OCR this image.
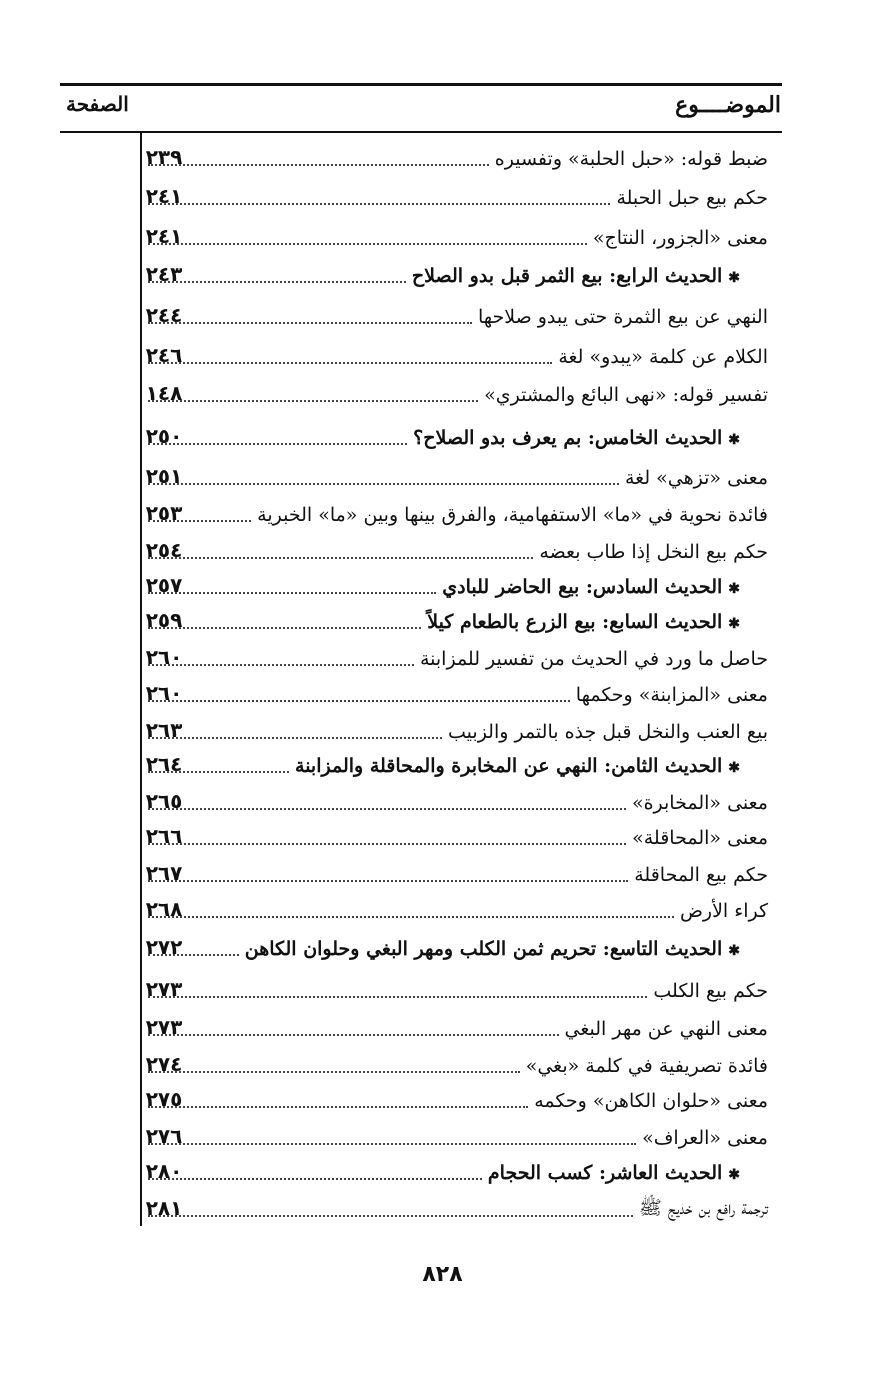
الموضــــوع
الصفحة
٢٣٩	ضبط قوله: «حبل الحلبة» وتفسيره
٢٤١	حكم بيع حبل الحبلة
٢٤١	معنى «الجزور، النتاج»
٢٤٣	✱الحديث الرابع: بيع الثمر قبل بدو الصلاح
٢٤٤	النهي عن بيع الثمرة حتى يبدو صلاحها
٢٤٦	الكلام عن كلمة «يبدو» لغة
١٤٨	تفسير قوله: «نهى البائع والمشتري»
٢٥٠	✱الحديث الخامس: بم يعرف بدو الصلاح؟
٢٥١	معنى «تزهي» لغة
٢٥٣	فائدة نحوية في «ما» الاستفهامية، والفرق بينها وبين «ما» الخبرية
٢٥٤	حكم بيع النخل إذا طاب بعضه
٢٥٧	✱الحديث السادس: بيع الحاضر للبادي
٢٥٩	✱الحديث السابع: بيع الزرع بالطعام كيلاً
٢٦٠	حاصل ما ورد في الحديث من تفسير للمزابنة
٢٦٠	معنى «المزابنة» وحكمها
٢٦٣	بيع العنب والنخل قبل جذه بالتمر والزبيب
٢٦٤	✱الحديث الثامن: النهي عن المخابرة والمحاقلة والمزابنة
٢٦٥	معنى «المخابرة»
٢٦٦	معنى «المحاقلة»
٢٦٧	حكم بيع المحاقلة
٢٦٨	كراء الأرض
٢٧٢	✱الحديث التاسع: تحريم ثمن الكلب ومهر البغي وحلوان الكاهن
٢٧٣	حكم بيع الكلب
٢٧٣	معنى النهي عن مهر البغي
٢٧٤	فائدة تصريفية في كلمة «بغي»
٢٧٥	معنى «حلوان الكاهن» وحكمه
٢٧٦	معنى «العراف»
٢٨٠	✱الحديث العاشر: كسب الحجام
٢٨١	ترجمة رافع بن خديج ﷺ
٨٢٨
